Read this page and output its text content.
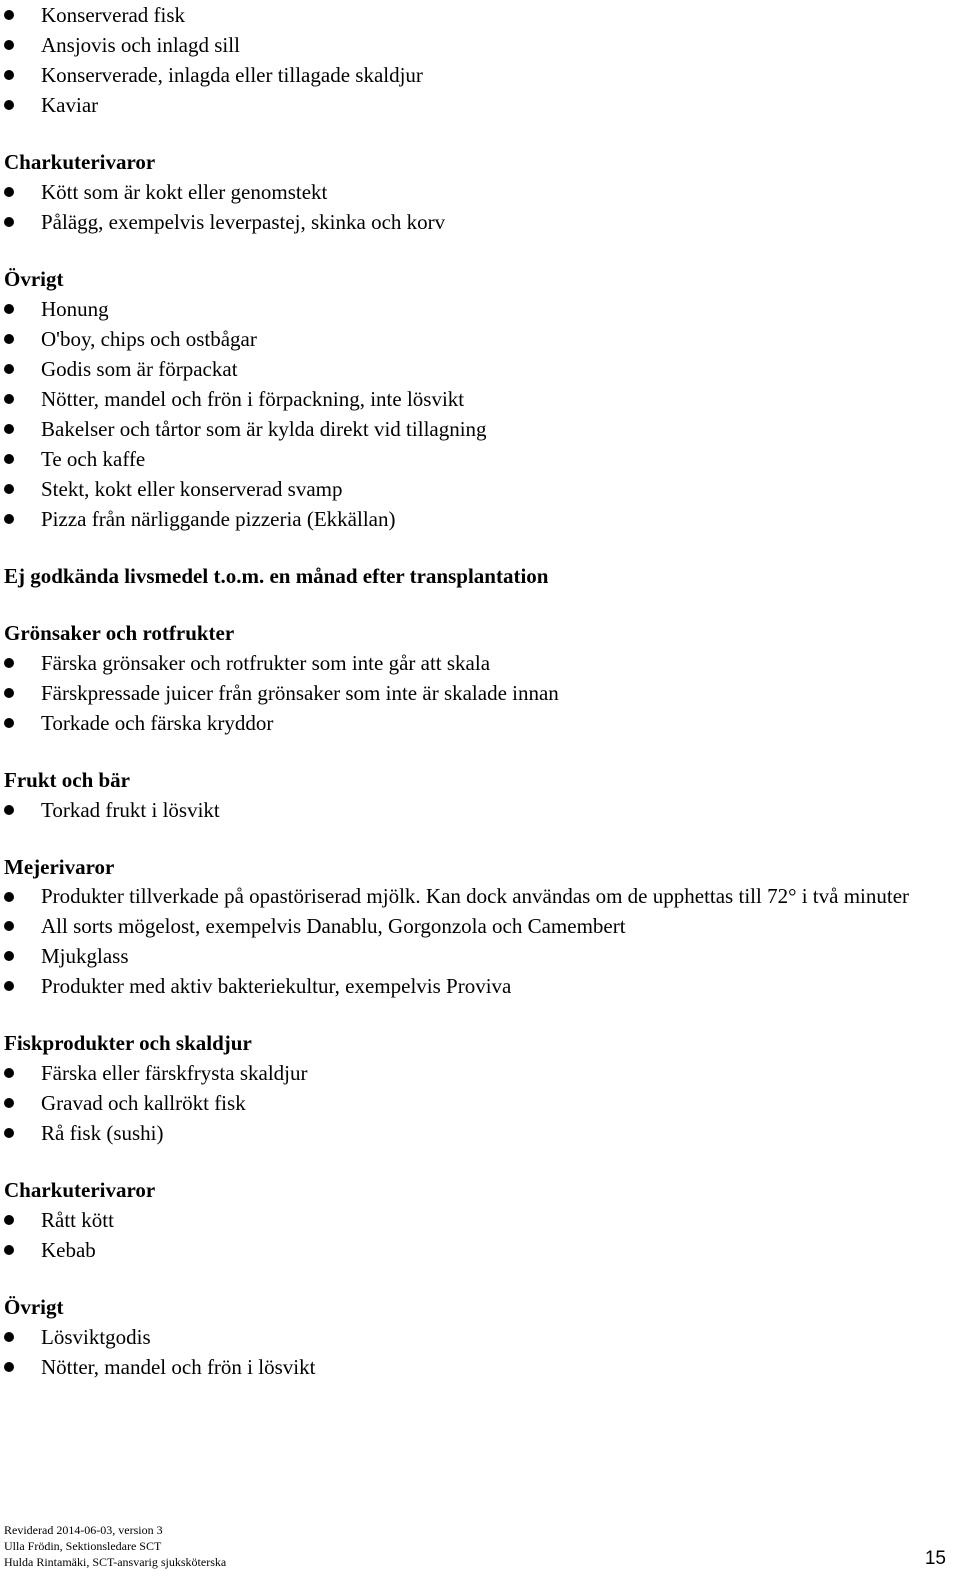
Konserverad fisk

Ansjovis och inlagd sill

Konserverade, inlagda eller tillagade skaldjur

Kaviar

Charkuterivaror

Kött som är kokt eller genomstekt

Pålägg, exempelvis leverpastej, skinka och korv

Övrigt

Honung

O'boy, chips och ostbågar

Godis som är förpackat

Nötter, mandel och frön i förpackning, inte lösvikt

Bakelser och tårtor som är kylda direkt vid tillagning

Te och kaffe

Stekt, kokt eller konserverad svamp

Pizza från närliggande pizzeria (Ekkällan)

Ej godkända livsmedel t.o.m. en månad efter transplantation

Grönsaker och rotfrukter

Färska grönsaker och rotfrukter som inte går att skala

Färskpressade juicer från grönsaker som inte är skalade innan

Torkade och färska kryddor

Frukt och bär

Torkad frukt i lösvikt

Mejerivaror

Produkter tillverkade på opastöriserad mjölk. Kan dock användas om de upphettas till 72° i två minuter

All sorts mögelost, exempelvis Danablu, Gorgonzola och Camembert

Mjukglass

Produkter med aktiv bakteriekultur, exempelvis Proviva

Fiskprodukter och skaldjur

Färska eller färskfrysta skaldjur

Gravad och kallrökt fisk

Rå fisk (sushi)

Charkuterivaror

Rått kött

Kebab

Övrigt

Lösviktgodis

Nötter, mandel och frön i lösvikt

Reviderad 2014-06-03, version 3
Ulla Frödin, Sektionsledare SCT
Hulda Rintamäki, SCT-ansvarig sjuksköterska	15
